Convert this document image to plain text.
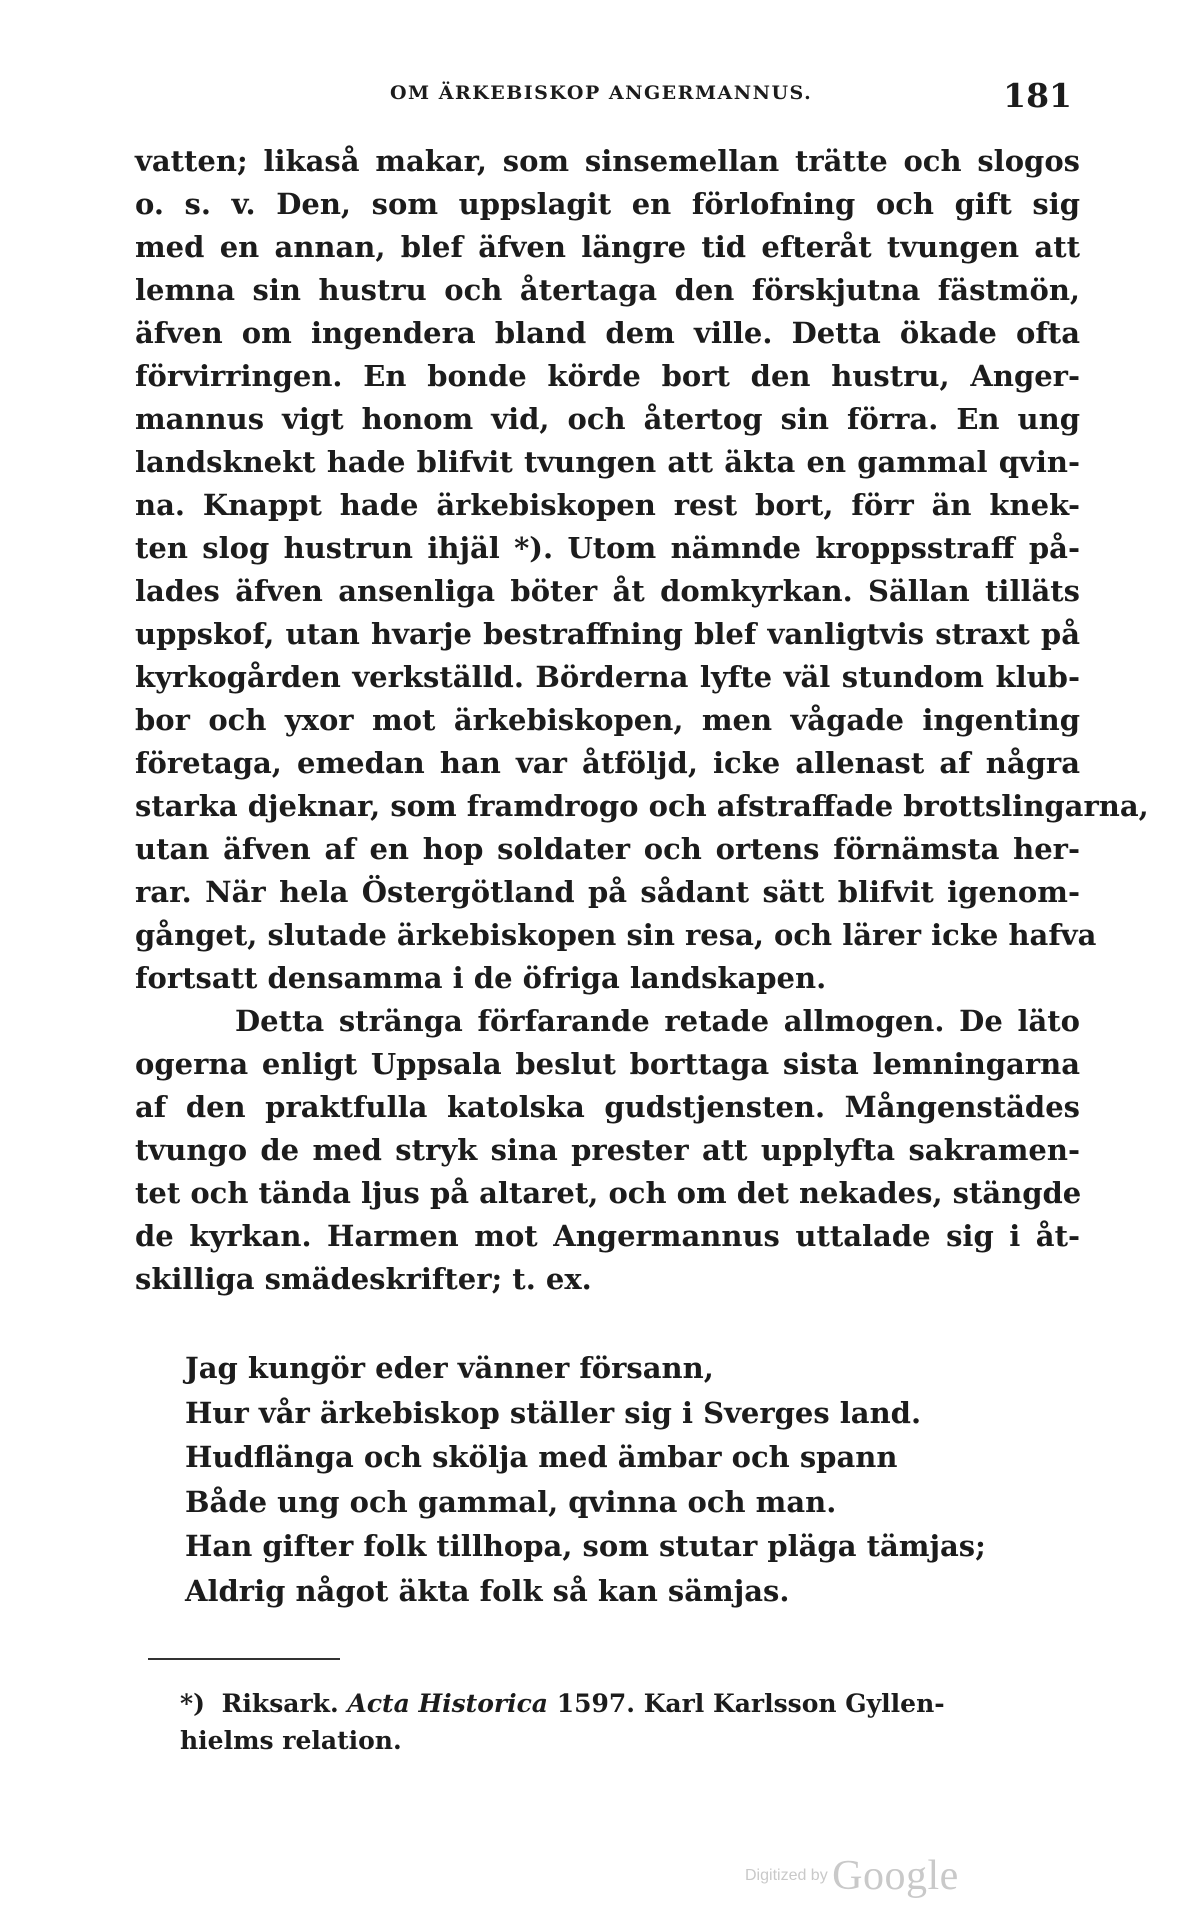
OM ÄRKEBISKOP ANGERMANNUS.	181
vatten; likaså makar, som sinsemellan trätte och slogos
o. s. v. Den, som uppslagit en förlofning och gift sig
med en annan, blef äfven längre tid efteråt tvungen att
lemna sin hustru och återtaga den förskjutna fästmön,
äfven om ingendera bland dem ville. Detta ökade ofta
förvirringen. En bonde körde bort den hustru, Anger-
mannus vigt honom vid, och återtog sin förra. En ung
landsknekt hade blifvit tvungen att äkta en gammal qvin-
na. Knappt hade ärkebiskopen rest bort, förr än knek-
ten slog hustrun ihjäl *). Utom nämnde kroppsstraff på-
lades äfven ansenliga böter åt domkyrkan. Sällan tilläts
uppskof, utan hvarje bestraffning blef vanligtvis straxt på
kyrkogården verkställd. Börderna lyfte väl stundom klub-
bor och yxor mot ärkebiskopen, men vågade ingenting
företaga, emedan han var åtföljd, icke allenast af några
starka djeknar, som framdrogo och afstraffade brottslingarna,
utan äfven af en hop soldater och ortens förnämsta her-
rar. När hela Östergötland på sådant sätt blifvit igenom-
gånget, slutade ärkebiskopen sin resa, och lärer icke hafva
fortsatt densamma i de öfriga landskapen.
Detta stränga förfarande retade allmogen. De läto
ogerna enligt Uppsala beslut borttaga sista lemningarna
af den praktfulla katolska gudstjensten. Mångenstädes
tvungo de med stryk sina prester att upplyfta sakramen-
tet och tända ljus på altaret, och om det nekades, stängde
de kyrkan. Harmen mot Angermannus uttalade sig i åt-
skilliga smädeskrifter; t. ex.
Jag kungör eder vänner försann,
Hur vår ärkebiskop ställer sig i Sverges land.
Hudflänga och skölja med ämbar och spann
Både ung och gammal, qvinna och man.
Han gifter folk tillhopa, som stutar pläga tämjas;
Aldrig något äkta folk så kan sämjas.
*) Riksark. Acta Historica 1597. Karl Karlsson Gyllen-
hielms relation.
Digitized by Google
